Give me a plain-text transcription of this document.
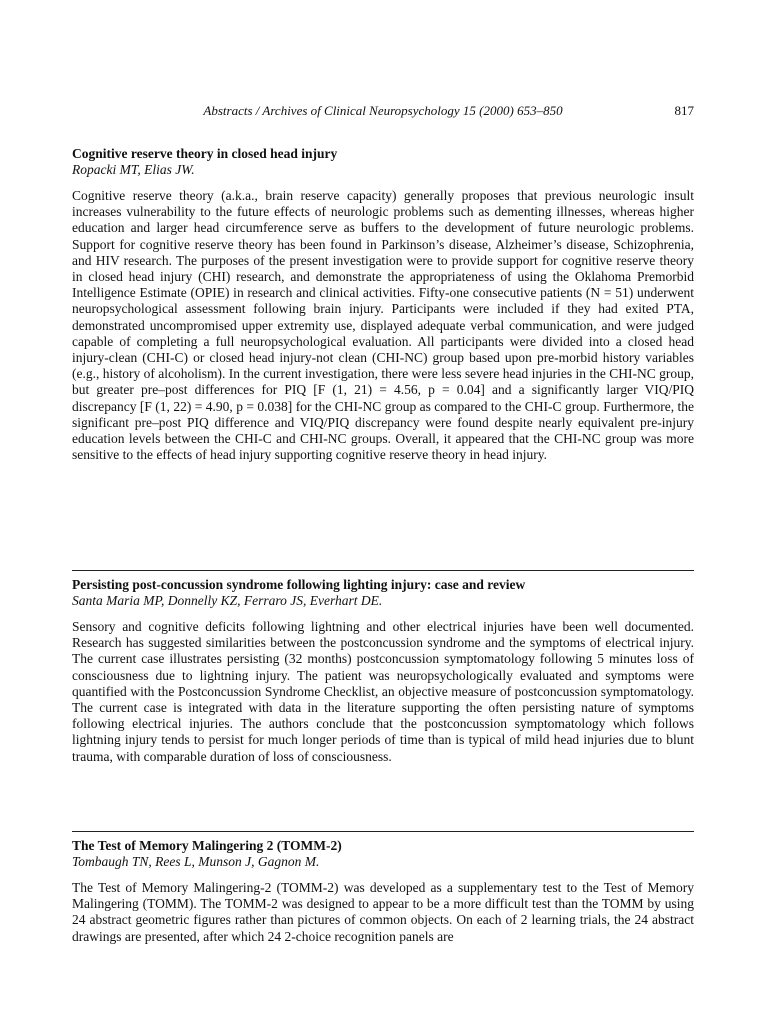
Abstracts / Archives of Clinical Neuropsychology 15 (2000) 653–850	817
Cognitive reserve theory in closed head injury
Ropacki MT, Elias JW.
Cognitive reserve theory (a.k.a., brain reserve capacity) generally proposes that previous neurologic insult increases vulnerability to the future effects of neurologic problems such as dementing illnesses, whereas higher education and larger head circumference serve as buffers to the development of future neurologic problems. Support for cognitive reserve theory has been found in Parkinson’s disease, Alzheimer’s disease, Schizophrenia, and HIV research. The purposes of the present investigation were to provide support for cognitive reserve theory in closed head injury (CHI) research, and demonstrate the appropriateness of using the Oklahoma Premorbid Intelligence Estimate (OPIE) in research and clinical activities. Fifty-one consecutive patients (N = 51) underwent neuropsychological assessment following brain injury. Participants were included if they had exited PTA, demonstrated uncompromised upper extremity use, displayed adequate verbal communication, and were judged capable of completing a full neuropsychological evaluation. All participants were divided into a closed head injury-clean (CHI-C) or closed head injury-not clean (CHI-NC) group based upon pre-morbid history variables (e.g., history of alcoholism). In the current investigation, there were less severe head injuries in the CHI-NC group, but greater pre–post differences for PIQ [F (1, 21) = 4.56, p = 0.04] and a significantly larger VIQ/PIQ discrepancy [F (1, 22) = 4.90, p = 0.038] for the CHI-NC group as compared to the CHI-C group. Furthermore, the significant pre–post PIQ difference and VIQ/PIQ discrepancy were found despite nearly equivalent pre-injury education levels between the CHI-C and CHI-NC groups. Overall, it appeared that the CHI-NC group was more sensitive to the effects of head injury supporting cognitive reserve theory in head injury.
Persisting post-concussion syndrome following lighting injury: case and review
Santa Maria MP, Donnelly KZ, Ferraro JS, Everhart DE.
Sensory and cognitive deficits following lightning and other electrical injuries have been well documented. Research has suggested similarities between the postconcussion syndrome and the symptoms of electrical injury. The current case illustrates persisting (32 months) postconcussion symptomatology following 5 minutes loss of consciousness due to lightning injury. The patient was neuropsychologically evaluated and symptoms were quantified with the Postconcussion Syndrome Checklist, an objective measure of postconcussion symptomatology. The current case is integrated with data in the literature supporting the often persisting nature of symptoms following electrical injuries. The authors conclude that the postconcussion symptomatology which follows lightning injury tends to persist for much longer periods of time than is typical of mild head injuries due to blunt trauma, with comparable duration of loss of consciousness.
The Test of Memory Malingering 2 (TOMM-2)
Tombaugh TN, Rees L, Munson J, Gagnon M.
The Test of Memory Malingering-2 (TOMM-2) was developed as a supplementary test to the Test of Memory Malingering (TOMM). The TOMM-2 was designed to appear to be a more difficult test than the TOMM by using 24 abstract geometric figures rather than pictures of common objects. On each of 2 learning trials, the 24 abstract drawings are presented, after which 24 2-choice recognition panels are
